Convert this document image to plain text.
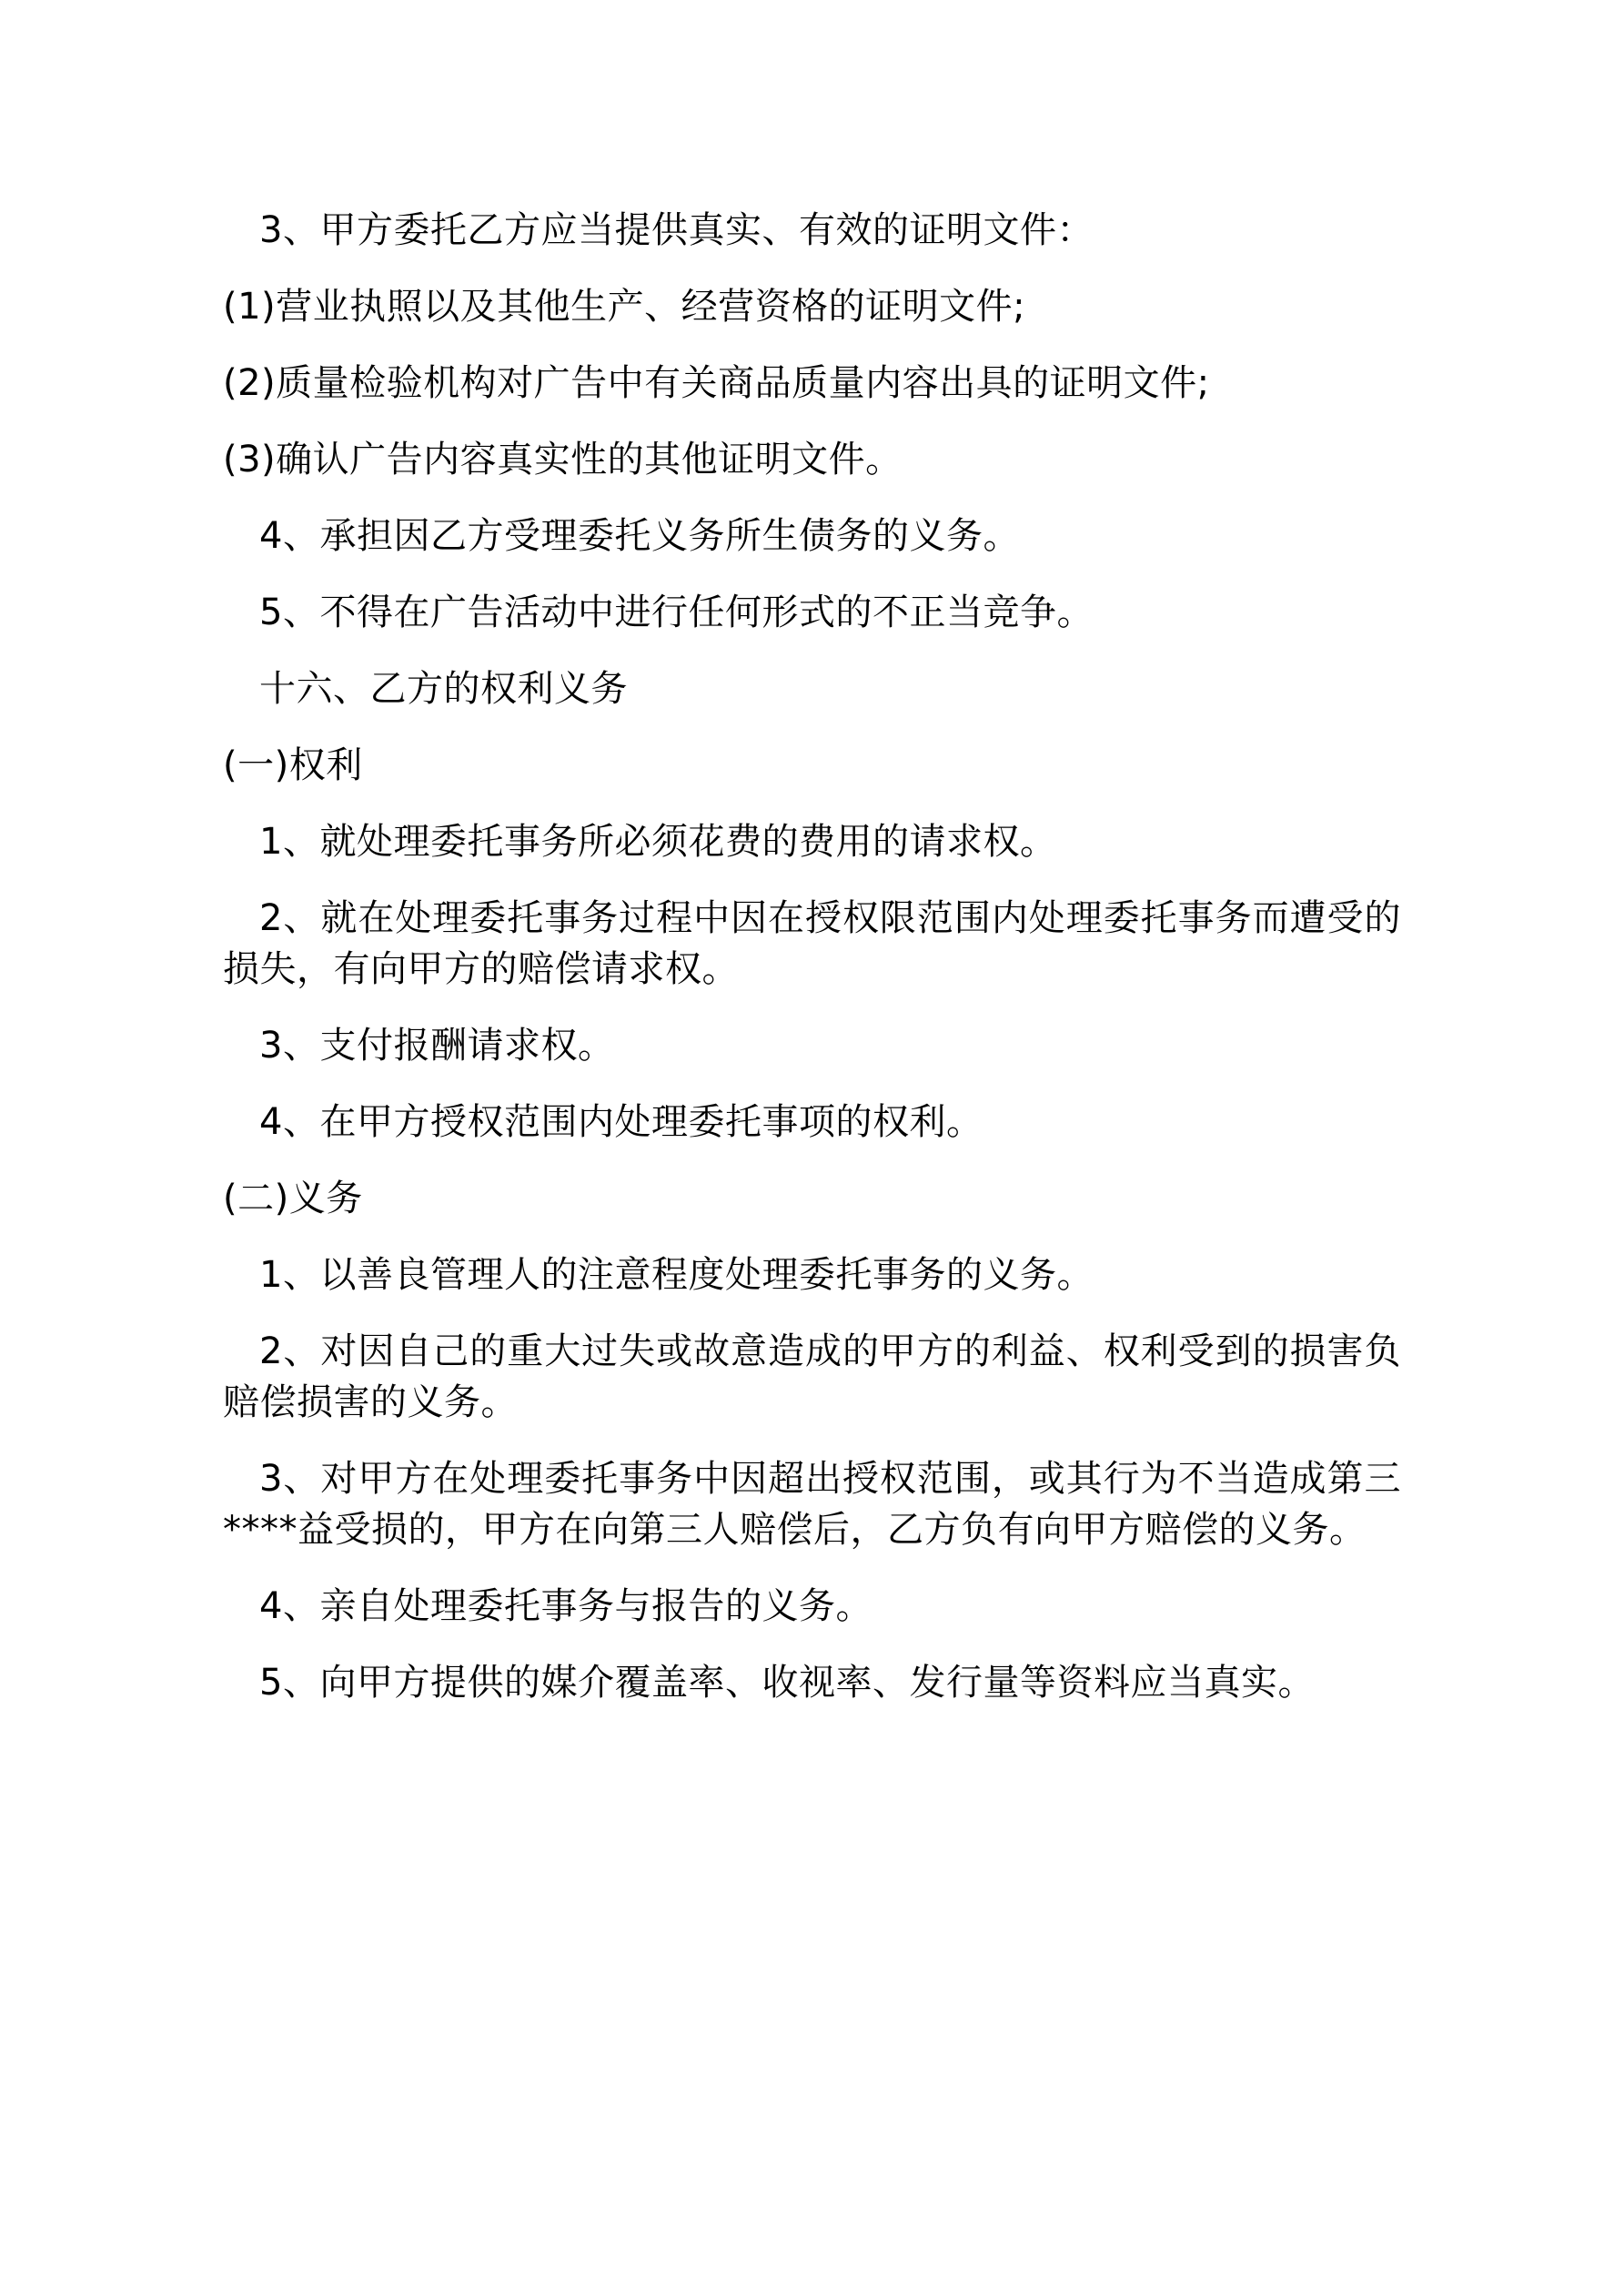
3、甲方委托乙方应当提供真实、有效的证明文件：

(1)营业执照以及其他生产、经营资格的证明文件;

(2)质量检验机构对广告中有关商品质量内容出具的证明文件;

(3)确认广告内容真实性的其他证明文件。

4、承担因乙方受理委托义务所生债务的义务。

5、不得在广告活动中进行任何形式的不正当竞争。

十六、乙方的权利义务

(一)权利

1、就处理委托事务所必须花费的费用的请求权。

2、就在处理委托事务过程中因在授权限范围内处理委托事务而遭受的损失，有向甲方的赔偿请求权。

3、支付报酬请求权。

4、在甲方授权范围内处理委托事项的权利。

(二)义务

1、以善良管理人的注意程度处理委托事务的义务。

2、对因自己的重大过失或故意造成的甲方的利益、权利受到的损害负赔偿损害的义务。

3、对甲方在处理委托事务中因超出授权范围，或其行为不当造成第三****益受损的，甲方在向第三人赔偿后，乙方负有向甲方赔偿的义务。

4、亲自处理委托事务与报告的义务。

5、向甲方提供的媒介覆盖率、收视率、发行量等资料应当真实。
